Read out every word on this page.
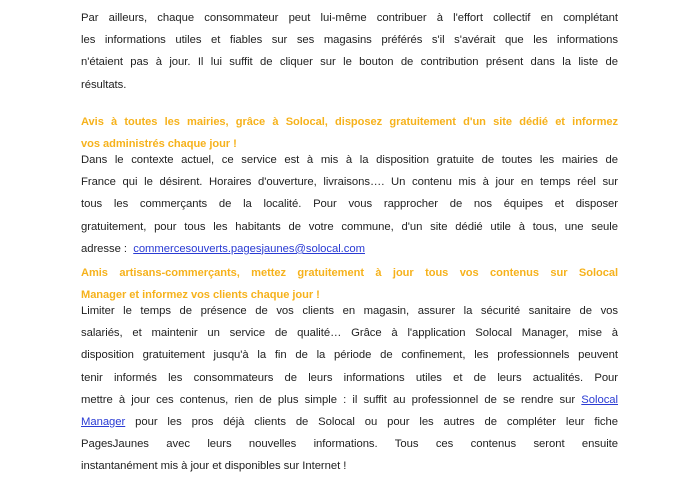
Par ailleurs, chaque consommateur peut lui-même contribuer à l'effort collectif en complétant
les informations utiles et fiables sur ses magasins préférés s'il s'avérait que les informations
n'étaient pas à jour. Il lui suffit de cliquer sur le bouton de contribution présent dans la liste de
résultats.
Avis à toutes les mairies, grâce à Solocal, disposez gratuitement d'un site dédié et informez
vos administrés chaque jour !
Dans le contexte actuel, ce service est à mis à la disposition gratuite de toutes les mairies de
France qui le désirent. Horaires d'ouverture, livraisons…. Un contenu mis à jour en temps réel sur
tous les commerçants de la localité. Pour vous rapprocher de nos équipes et disposer
gratuitement, pour tous les habitants de votre commune, d'un site dédié utile à tous, une seule
adresse : commercesouverts.pagesjaunes@solocal.com
Amis artisans-commerçants, mettez gratuitement à jour tous vos contenus sur Solocal
Manager et informez vos clients chaque jour !
Limiter le temps de présence de vos clients en magasin, assurer la sécurité sanitaire de vos
salariés, et maintenir un service de qualité… Grâce à l'application Solocal Manager, mise à
disposition gratuitement jusqu'à la fin de la période de confinement, les professionnels peuvent
tenir informés les consommateurs de leurs informations utiles et de leurs actualités. Pour
mettre à jour ces contenus, rien de plus simple : il suffit au professionnel de se rendre sur Solocal
Manager pour les pros déjà clients de Solocal ou pour les autres de compléter leur fiche
PagesJaunes avec leurs nouvelles informations. Tous ces contenus seront ensuite
instantanément mis à jour et disponibles sur Internet !
